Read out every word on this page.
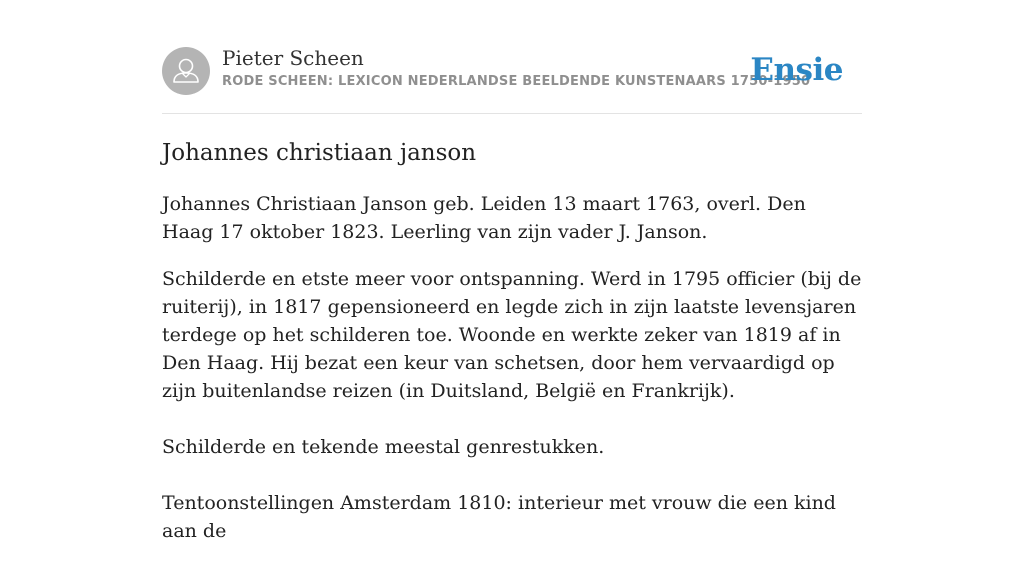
Pieter Scheen
RODE SCHEEN: LEXICON NEDERLANDSE BEELDENDE KUNSTENAARS 1750-1950
Ensie
Johannes christiaan janson

Johannes Christiaan Janson geb. Leiden 13 maart 1763, overl. Den Haag 17 oktober 1823. Leerling van zijn vader J. Janson.

Schilderde en etste meer voor ontspanning. Werd in 1795 officier (bij de ruiterij), in 1817 gepensioneerd en legde zich in zijn laatste levensjaren terdege op het schilderen toe. Woonde en werkte zeker van 1819 af in Den Haag. Hij bezat een keur van schetsen, door hem vervaardigd op zijn buitenlandse reizen (in Duitsland, België en Frankrijk).

Schilderde en tekende meestal genrestukken.

Tentoonstellingen Amsterdam 1810: interieur met vrouw die een kind aan de
